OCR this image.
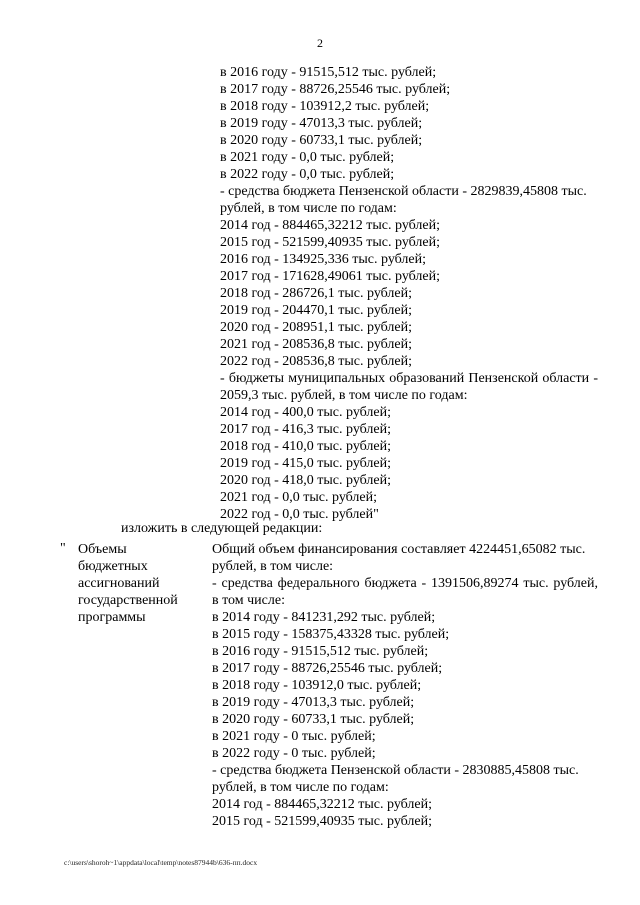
2
в 2016 году - 91515,512 тыс. рублей;
в 2017 году - 88726,25546 тыс. рублей;
в 2018 году - 103912,2 тыс. рублей;
в 2019 году - 47013,3 тыс. рублей;
в 2020 году - 60733,1 тыс. рублей;
в 2021 году - 0,0 тыс. рублей;
в 2022 году - 0,0 тыс. рублей;
- средства бюджета Пензенской области - 2829839,45808 тыс. рублей, в том числе по годам:
2014 год - 884465,32212 тыс. рублей;
2015 год - 521599,40935 тыс. рублей;
2016 год - 134925,336 тыс. рублей;
2017 год - 171628,49061 тыс. рублей;
2018 год - 286726,1 тыс. рублей;
2019 год - 204470,1 тыс. рублей;
2020 год - 208951,1 тыс. рублей;
2021 год - 208536,8 тыс. рублей;
2022 год - 208536,8 тыс. рублей;
- бюджеты муниципальных образований Пензенской области - 2059,3 тыс. рублей, в том числе по годам:
2014 год - 400,0 тыс. рублей;
2017 год - 416,3 тыс. рублей;
2018 год - 410,0 тыс. рублей;
2019 год - 415,0 тыс. рублей;
2020 год - 418,0 тыс. рублей;
2021 год - 0,0 тыс. рублей;
2022 год - 0,0 тыс. рублей"
изложить в следующей редакции:
" Объемы
бюджетных
ассигнований
государственной
программы
Общий объем финансирования составляет 4224451,65082 тыс. рублей, в том числе:
- средства федерального бюджета - 1391506,89274 тыс. рублей, в том числе:
в 2014 году - 841231,292 тыс. рублей;
в 2015 году - 158375,43328 тыс. рублей;
в 2016 году - 91515,512 тыс. рублей;
в 2017 году - 88726,25546 тыс. рублей;
в 2018 году - 103912,0 тыс. рублей;
в 2019 году - 47013,3 тыс. рублей;
в 2020 году - 60733,1 тыс. рублей;
в 2021 году - 0 тыс. рублей;
в 2022 году - 0 тыс. рублей;
- средства бюджета Пензенской области - 2830885,45808 тыс. рублей, в том числе по годам:
2014 год - 884465,32212 тыс. рублей;
2015 год - 521599,40935 тыс. рублей;
c:\users\shoroh~1\appdata\local\temp\notes87944b\636-пп.docx
